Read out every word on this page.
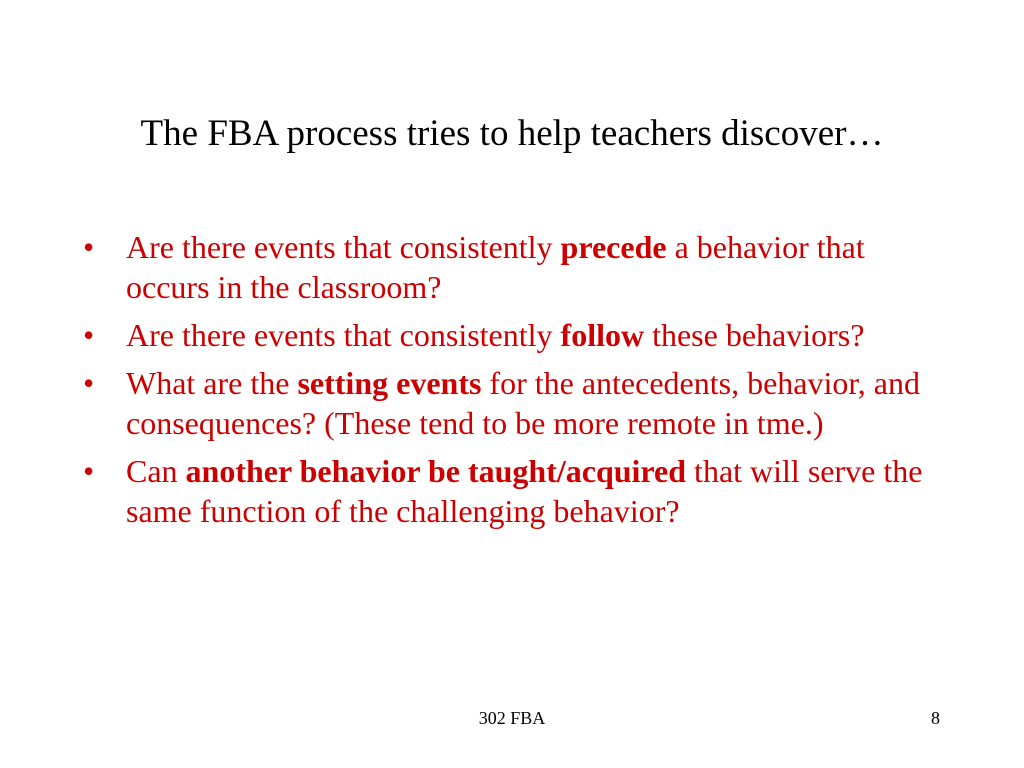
The FBA process tries to help teachers discover…
• Are there events that consistently precede a behavior that occurs in the classroom?
• Are there events that consistently follow these behaviors?
• What are the setting events for the antecedents, behavior, and consequences? (These tend to be more remote in tme.)
• Can another behavior be taught/acquired that will serve the same function of the challenging behavior?
302 FBA	8
